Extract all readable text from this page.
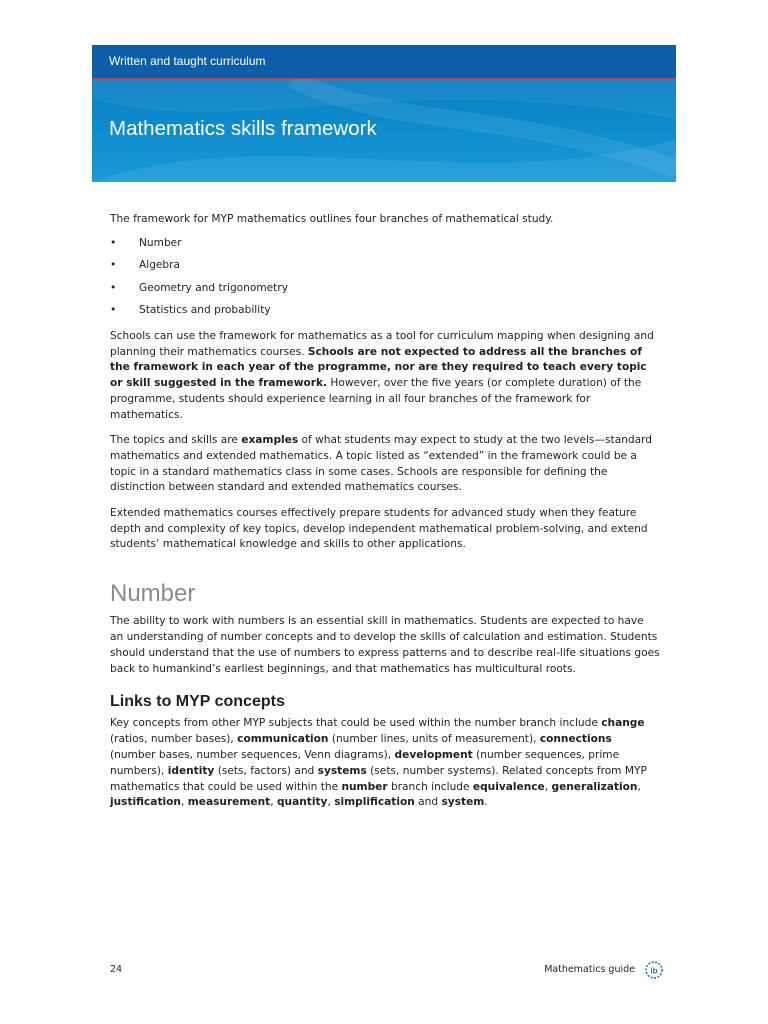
Written and taught curriculum
Mathematics skills framework

The framework for MYP mathematics outlines four branches of mathematical study.

• Number
• Algebra
• Geometry and trigonometry
• Statistics and probability

Schools can use the framework for mathematics as a tool for curriculum mapping when designing and planning their mathematics courses. Schools are not expected to address all the branches of the framework in each year of the programme, nor are they required to teach every topic or skill suggested in the framework. However, over the five years (or complete duration) of the programme, students should experience learning in all four branches of the framework for mathematics.

The topics and skills are examples of what students may expect to study at the two levels—standard mathematics and extended mathematics. A topic listed as “extended” in the framework could be a topic in a standard mathematics class in some cases. Schools are responsible for defining the distinction between standard and extended mathematics courses.

Extended mathematics courses effectively prepare students for advanced study when they feature depth and complexity of key topics, develop independent mathematical problem-solving, and extend students’ mathematical knowledge and skills to other applications.

Number

The ability to work with numbers is an essential skill in mathematics. Students are expected to have an understanding of number concepts and to develop the skills of calculation and estimation. Students should understand that the use of numbers to express patterns and to describe real-life situations goes back to humankind’s earliest beginnings, and that mathematics has multicultural roots.

Links to MYP concepts

Key concepts from other MYP subjects that could be used within the number branch include change (ratios, number bases), communication (number lines, units of measurement), connections (number bases, number sequences, Venn diagrams), development (number sequences, prime numbers), identity (sets, factors) and systems (sets, number systems). Related concepts from MYP mathematics that could be used within the number branch include equivalence, generalization, justification, measurement, quantity, simplification and system.

24	Mathematics guide ib
